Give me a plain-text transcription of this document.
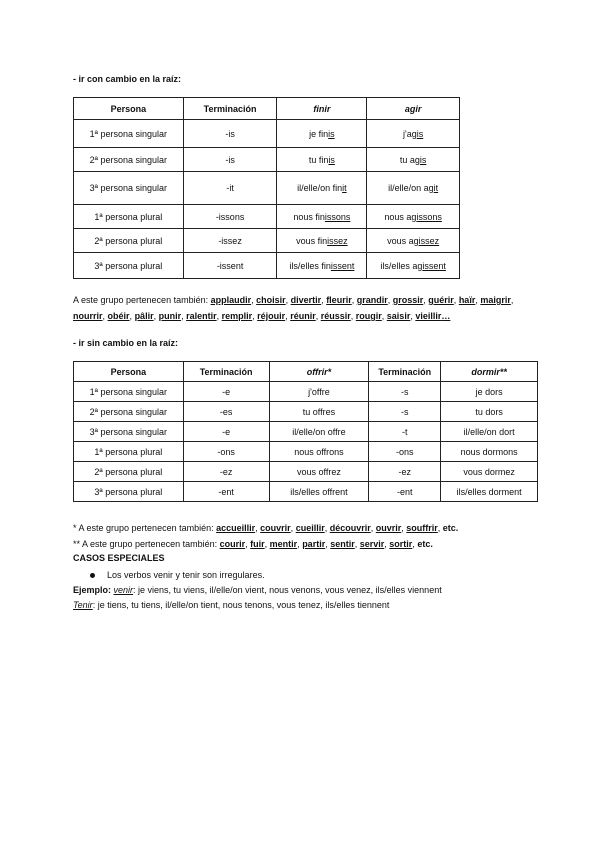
- ir con cambio en la raíz:
Persona	Terminación	finir	agir
1ª persona singular	-is	je finis	j'agis
2ª persona singular	-is	tu finis	tu agis
3ª persona singular	-it	il/elle/on finit	il/elle/on agit
1ª persona plural	-issons	nous finissons	nous agissons
2ª persona plural	-issez	vous finissez	vous agissez
3ª persona plural	-issent	ils/elles finissent	ils/elles agissent
A este grupo pertenecen también: applaudir, choisir, divertir, fleurir, grandir, grossir, guérir, haïr, maigrir, nourrir, obéir, pâlir, punir, ralentir, remplir, réjouir, réunir, réussir, rougir, saisir, vieillir…
- ir sin cambio en la raíz:
Persona	Terminación	offrir*	Terminación	dormir**
1ª persona singular	-e	j'offre	-s	je dors
2ª persona singular	-es	tu offres	-s	tu dors
3ª persona singular	-e	il/elle/on offre	-t	il/elle/on dort
1ª persona plural	-ons	nous offrons	-ons	nous dormons
2ª persona plural	-ez	vous offrez	-ez	vous dormez
3ª persona plural	-ent	ils/elles offrent	-ent	ils/elles dorment
* A este grupo pertenecen también: accueillir, couvrir, cueillir, découvrir, ouvrir, souffrir, etc.
** A este grupo pertenecen también: courir, fuir, mentir, partir, sentir, servir, sortir, etc.
CASOS ESPECIALES
Los verbos venir y tenir son irregulares.
Ejemplo: venir: je viens, tu viens, il/elle/on vient, nous venons, vous venez, ils/elles viennent
Tenir: je tiens, tu tiens, il/elle/on tient, nous tenons, vous tenez, ils/elles tiennent
